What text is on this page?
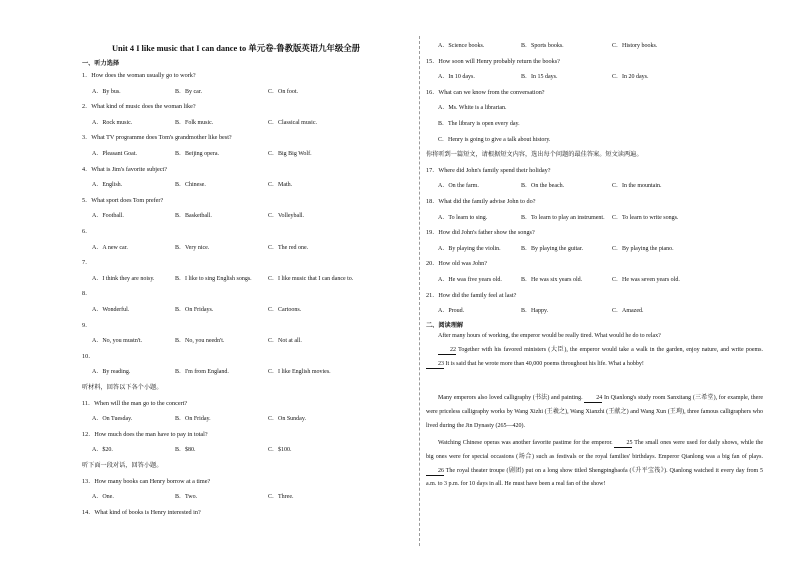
Unit 4 I like music that I can dance to 单元卷-鲁教版英语九年级全册
一、听力选择
1．How does the woman usually go to work?
A．By bus.	B．By car.	C．On foot.
2．What kind of music does the woman like?
A．Rock music.	B．Folk music.	C．Classical music.
3．What TV programme does Tom's grandmother like best?
A．Pleasant Goat.	B．Beijing opera.	C．Big Big Wolf.
4．What is Jim's favorite subject?
A．English.	B．Chinese.	C．Math.
5．What sport does Tom prefer?
A．Football.	B．Basketball.	C．Volleyball.
6．
A．A new car.	B．Very nice.	C．The red one.
7．
A．I think they are noisy.	B．I like to sing English songs.	C．I like music that I can dance to.
8．
A．Wonderful.	B．On Fridays.	C．Cartoons.
9．
A．No, you mustn't.	B．No, you needn't.	C．Not at all.
10．
A．By reading.	B．I'm from England.	C．I like English movies.
听材料，回答以下各个小题。
11．When will the man go to the concert?
A．On Tuesday.	B．On Friday.	C．On Sunday.
12．How much does the man have to pay in total?
A．$20.	B．$80.	C．$100.
听下面一段对话，回答小题。
13．How many books can Henry borrow at a time?
A．One.	B．Two.	C．Three.
14．What kind of books is Henry interested in?
A．Science books.	B．Sports books.	C．History books.
15．How soon will Henry probably return the books?
A．In 10 days.	B．In 15 days.	C．In 20 days.
16．What can we know from the conversation?
A．Ms. White is a librarian.
B．The library is open every day.
C．Henry is going to give a talk about history.
你将听到一篇短文，请根据短文内容，选出每个问题的最佳答案。短文读两遍。
17．Where did John's family spend their holiday?
A．On the farm.	B．On the beach.	C．In the mountain.
18．What did the family advise John to do?
A．To learn to sing.	B．To learn to play an instrument. C．To learn to write songs.
19．How did John's father show the songs?
A．By playing the violin.	B．By playing the guitar.	C．By playing the piano.
20．How old was John?
A．He was five years old.	B．He was six years old.	C．He was seven years old.
21．How did the family feel at last?
A．Proud.	B．Happy.	C．Amazed.
二、阅读理解
After many hours of working, the emperor would be really tired. What would he do to relax?
22 Together with his favored ministers (大臣), the emperor would take a walk in the garden, enjoy nature, and write poems. 23 It is said that he wrote more than 40,000 poems throughout his life. What a hobby!
Many emperors also loved calligraphy (书法) and painting. 24 In Qianlong's study room Sanxitang (三希堂), for example, there were priceless calligraphy works by Wang Xizhi (王羲之), Wang Xianzhi (王献之) and Wang Xun (王珣), three famous calligraphers who lived during the Jin Dynasty (265—420).
Watching Chinese operas was another favorite pastime for the emperor. 25 The small ones were used for daily shows, while the big ones were for special occasions (场合) such as festivals or the royal families' birthdays. Emperor Qianlong was a big fan of plays. 26 The royal theater troupe (剧团) put on a long show titled Shengpingbaofa (《升平宝筏》). Qianlong watched it every day from 5 a.m. to 3 p.m. for 10 days in all. He must have been a real fan of the show!
